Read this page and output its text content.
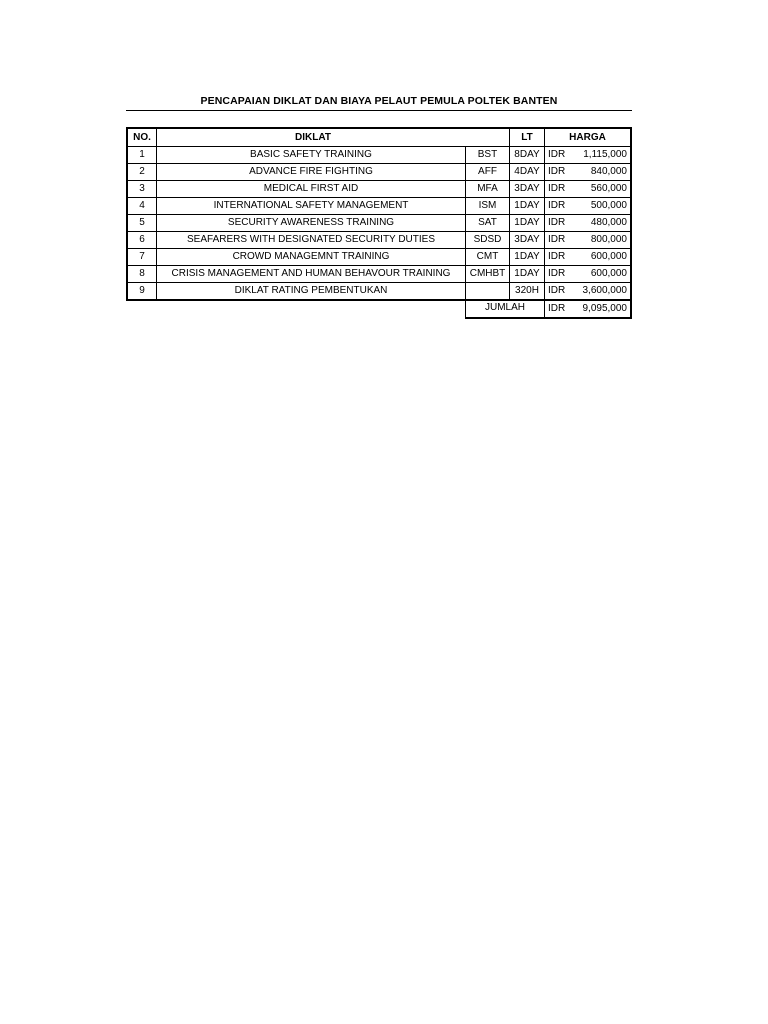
PENCAPAIAN DIKLAT DAN BIAYA PELAUT PEMULA POLTEK BANTEN
NO.	DIKLAT		LT	HARGA	
1	BASIC SAFETY TRAINING	BST	8DAY	IDR	1,115,000
2	ADVANCE FIRE FIGHTING	AFF	4DAY	IDR	840,000
3	MEDICAL FIRST AID	MFA	3DAY	IDR	560,000
4	INTERNATIONAL SAFETY MANAGEMENT	ISM	1DAY	IDR	500,000
5	SECURITY AWARENESS TRAINING	SAT	1DAY	IDR	480,000
6	SEAFARERS WITH DESIGNATED SECURITY DUTIES	SDSD	3DAY	IDR	800,000
7	CROWD MANAGEMNT TRAINING	CMT	1DAY	IDR	600,000
8	CRISIS MANAGEMENT AND HUMAN BEHAVOUR TRAINING	CMHBT	1DAY	IDR	600,000
9	DIKLAT RATING PEMBENTUKAN		320H	IDR	3,600,000
		JUMLAH		IDR	9,095,000
